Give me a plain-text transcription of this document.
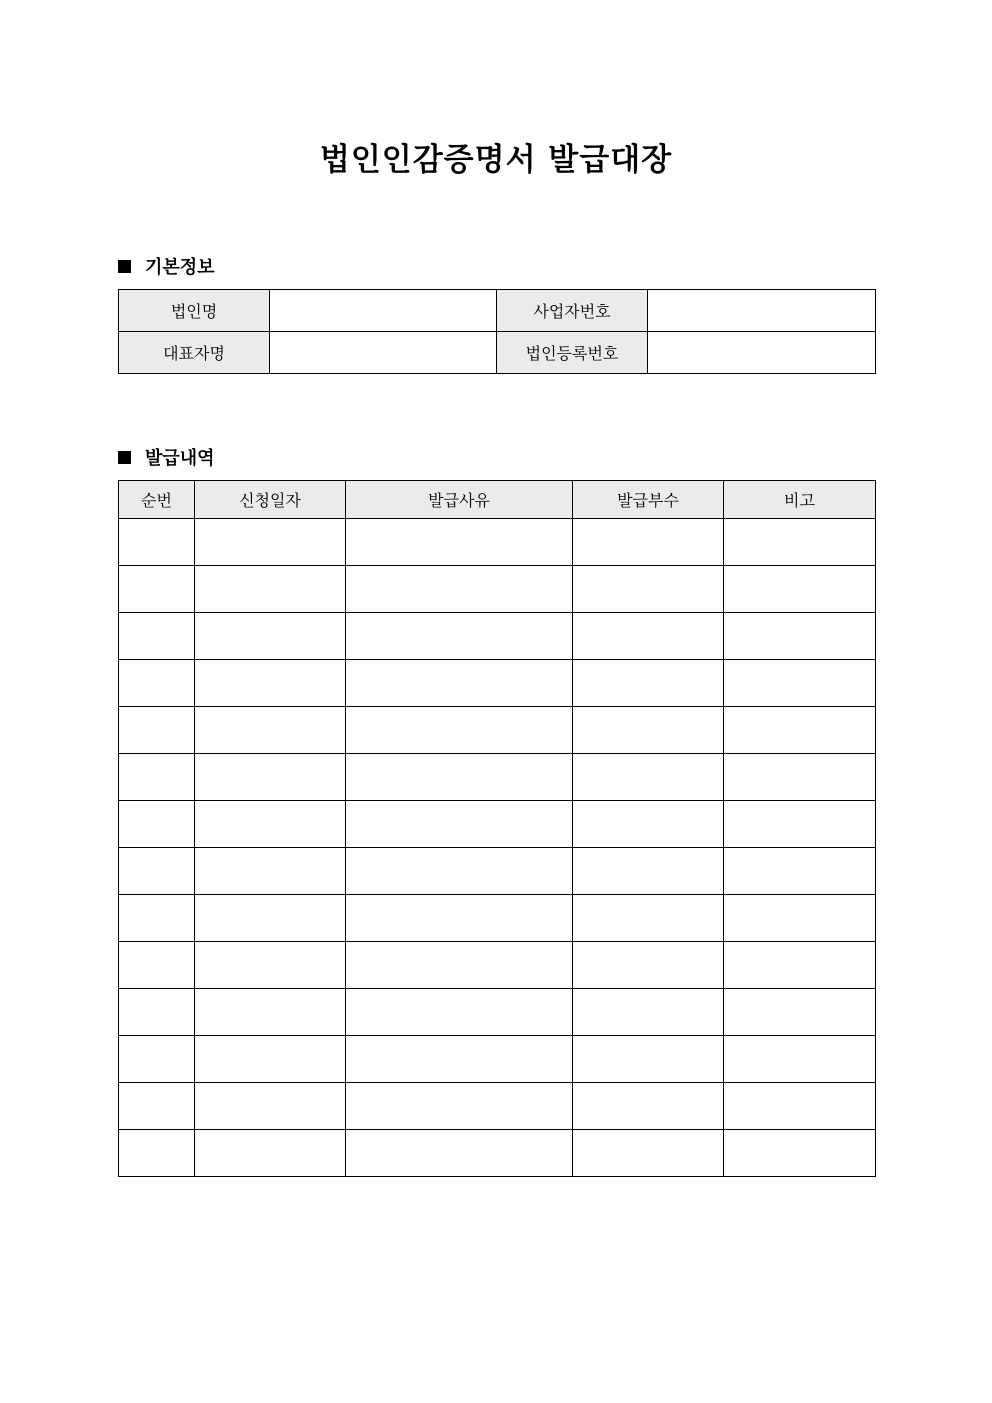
법인인감증명서 발급대장
기본정보
법인명		사업자번호	
대표자명		법인등록번호	
발급내역
순번	신청일자	발급사유	발급부수	비고
